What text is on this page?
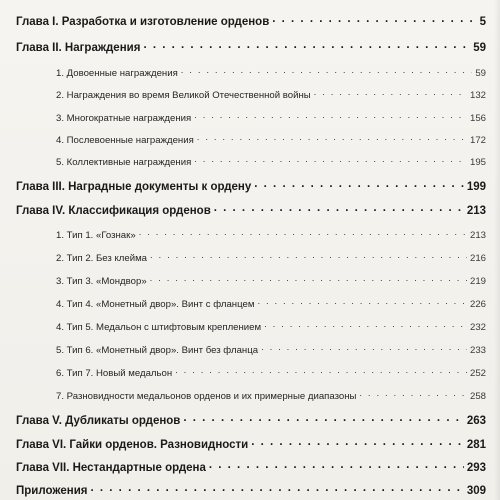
Глава I. Разработка и изготовление орденов . . .	5
Глава II. Награждения . . .	59
1. Довоенные награждения . . .	59
2. Награждения во время Великой Отечественной войны . . .	132
3. Многократные награждения . . .	156
4. Послевоенные награждения . . .	172
5. Коллективные награждения . . .	195
Глава III. Наградные документы к ордену . . .	199
Глава IV. Классификация орденов . . .	213
1. Тип 1. «Гознак» . . .	213
2. Тип 2. Без клейма . . .	216
3. Тип 3. «Мондвор» . . .	219
4. Тип 4. «Монетный двор». Винт с фланцем . . .	226
4. Тип 5. Медальон с штифтовым креплением . . .	232
5. Тип 6. «Монетный двор». Винт без фланца . . .	233
6. Тип 7. Новый медальон . . .	252
7. Разновидности медальонов орденов и их примерные диапазоны . . .	258
Глава V. Дубликаты орденов . . .	263
Глава VI. Гайки орденов. Разновидности . . .	281
Глава VII. Нестандартные ордена . . .	293
Приложения . . .	309
